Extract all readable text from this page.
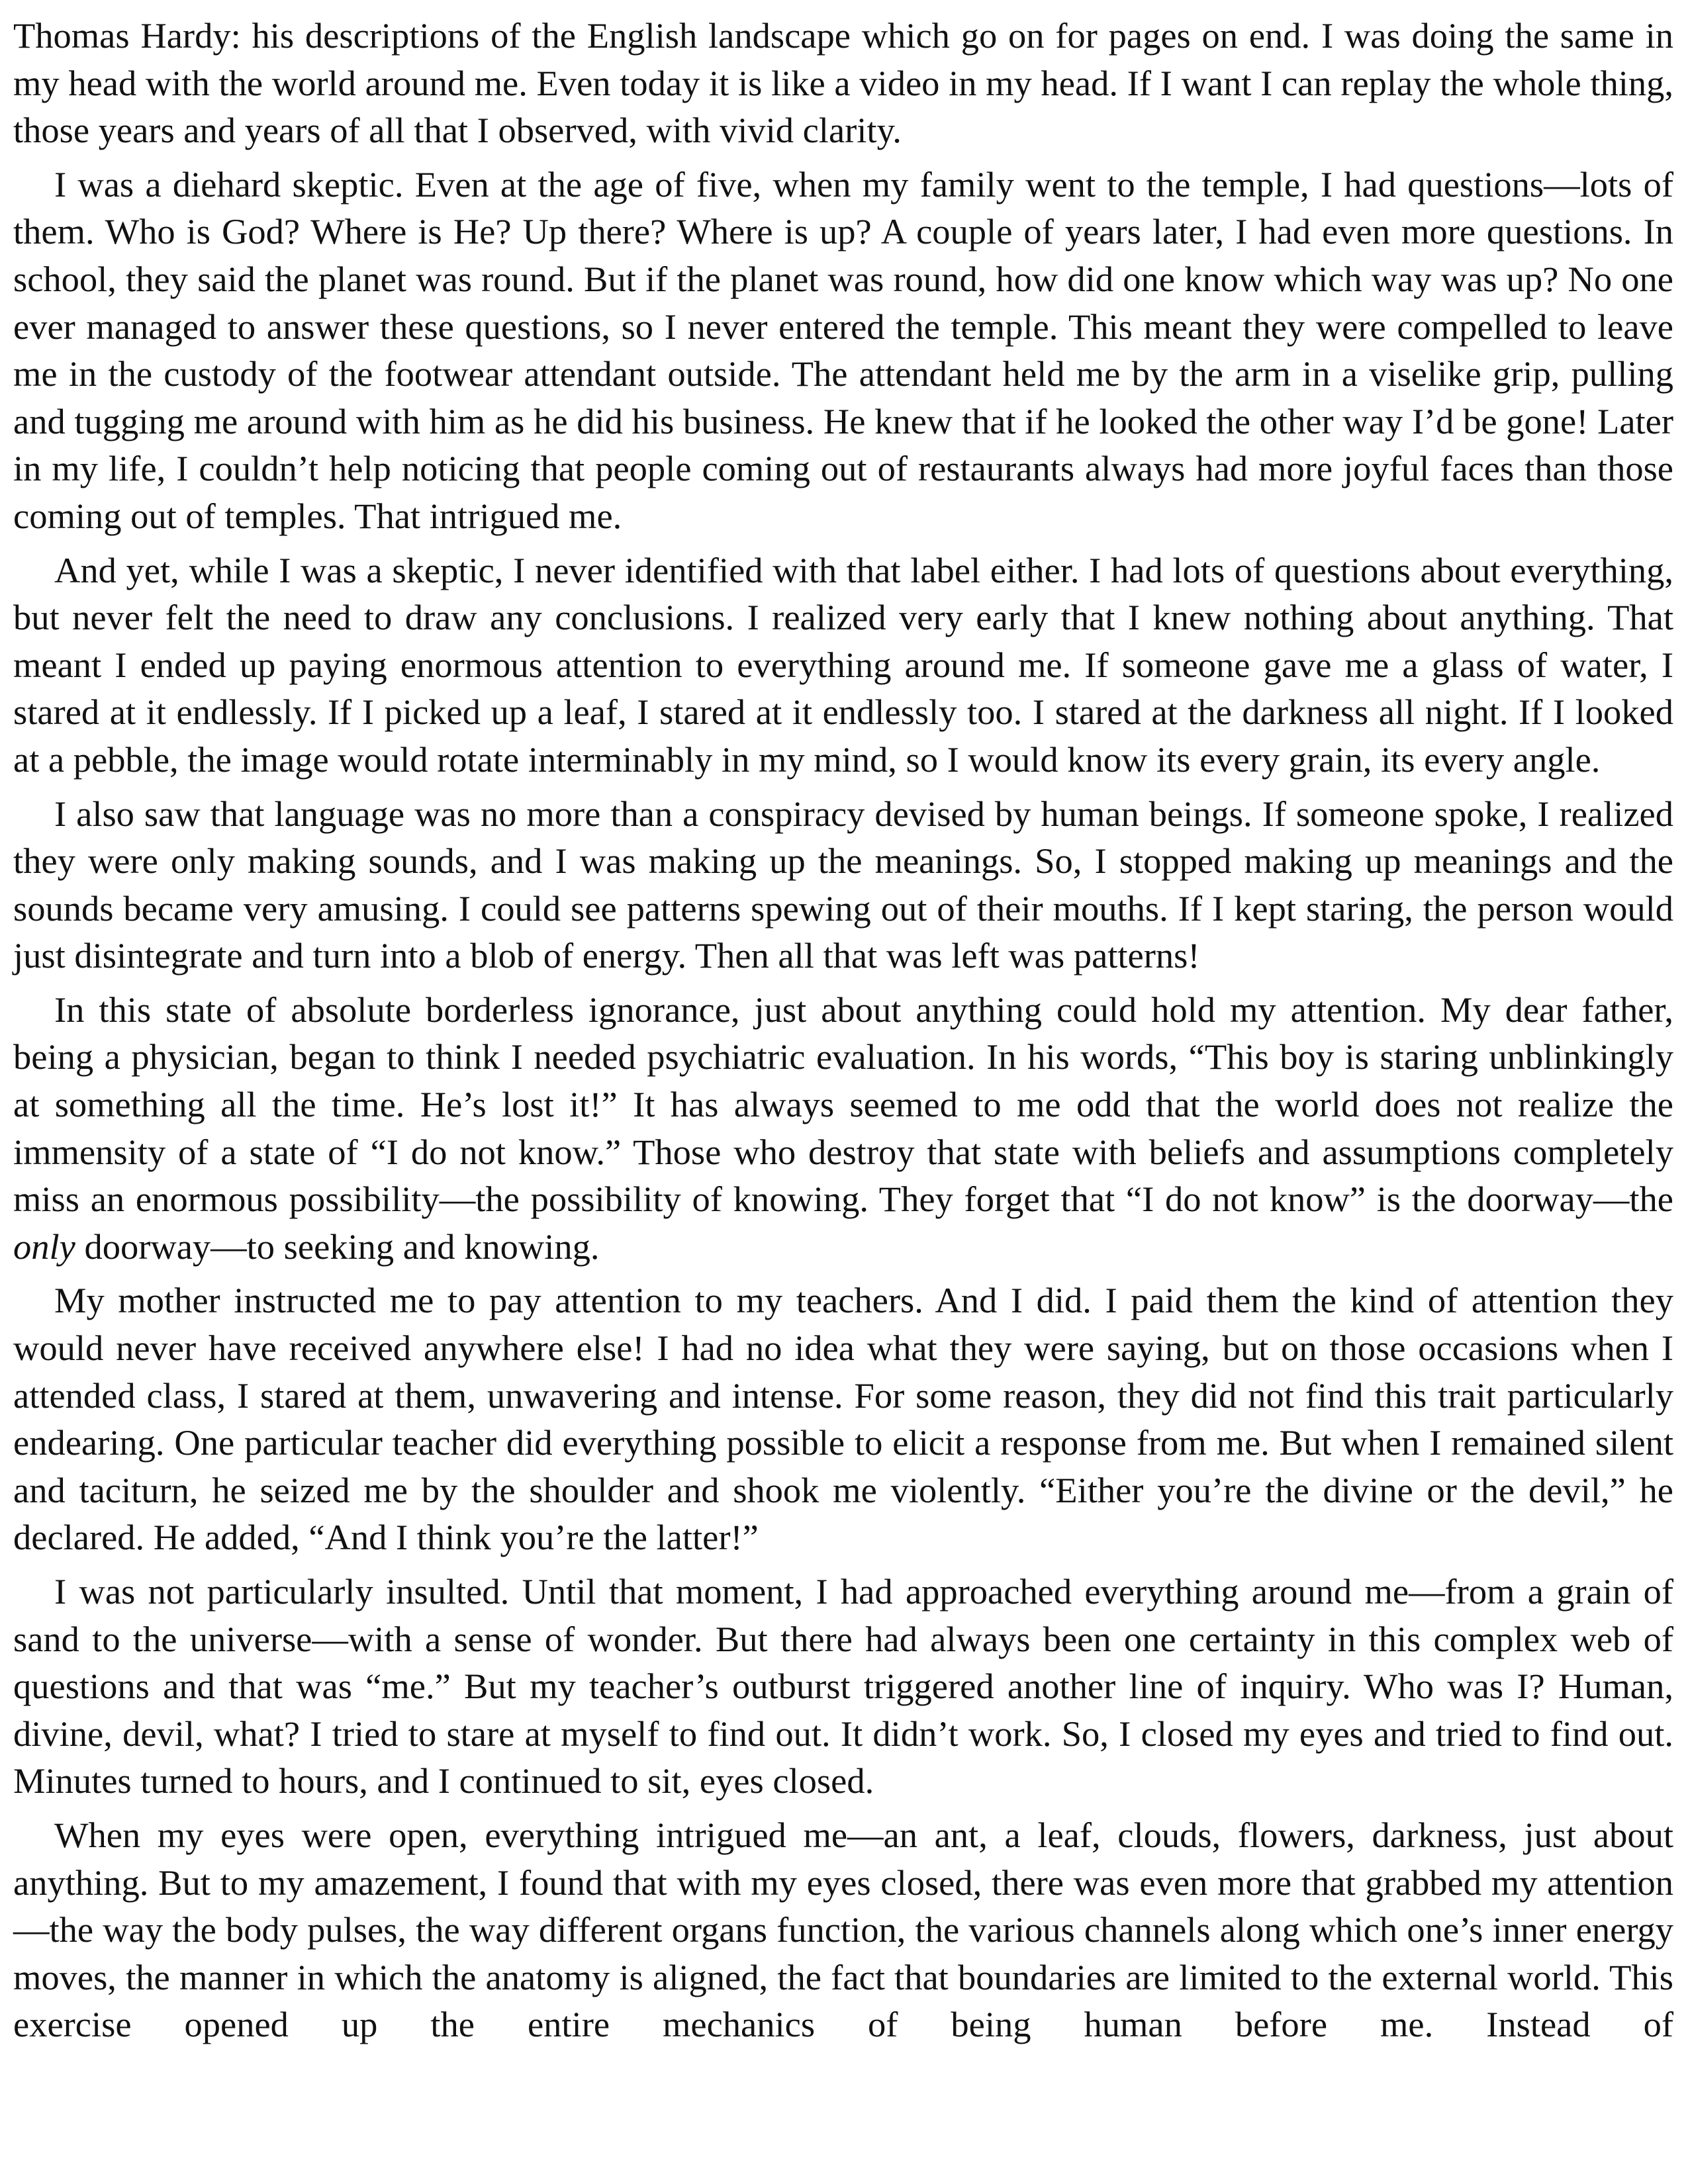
Thomas Hardy: his descriptions of the English landscape which go on for pages on end. I was doing the same in my head with the world around me. Even today it is like a video in my head. If I want I can replay the whole thing, those years and years of all that I observed, with vivid clarity.

I was a diehard skeptic. Even at the age of five, when my family went to the temple, I had questions—lots of them. Who is God? Where is He? Up there? Where is up? A couple of years later, I had even more questions. In school, they said the planet was round. But if the planet was round, how did one know which way was up? No one ever managed to answer these questions, so I never entered the temple. This meant they were compelled to leave me in the custody of the footwear attendant outside. The attendant held me by the arm in a viselike grip, pulling and tugging me around with him as he did his business. He knew that if he looked the other way I’d be gone! Later in my life, I couldn’t help noticing that people coming out of restaurants always had more joyful faces than those coming out of temples. That intrigued me.

And yet, while I was a skeptic, I never identified with that label either. I had lots of questions about everything, but never felt the need to draw any conclusions. I realized very early that I knew nothing about anything. That meant I ended up paying enormous attention to everything around me. If someone gave me a glass of water, I stared at it endlessly. If I picked up a leaf, I stared at it endlessly too. I stared at the darkness all night. If I looked at a pebble, the image would rotate interminably in my mind, so I would know its every grain, its every angle.

I also saw that language was no more than a conspiracy devised by human beings. If someone spoke, I realized they were only making sounds, and I was making up the meanings. So, I stopped making up meanings and the sounds became very amusing. I could see patterns spewing out of their mouths. If I kept staring, the person would just disintegrate and turn into a blob of energy. Then all that was left was patterns!

In this state of absolute borderless ignorance, just about anything could hold my attention. My dear father, being a physician, began to think I needed psychiatric evaluation. In his words, “This boy is staring unblinkingly at something all the time. He’s lost it!” It has always seemed to me odd that the world does not realize the immensity of a state of “I do not know.” Those who destroy that state with beliefs and assumptions completely miss an enormous possibility—the possibility of knowing. They forget that “I do not know” is the doorway—the only doorway—to seeking and knowing.

My mother instructed me to pay attention to my teachers. And I did. I paid them the kind of attention they would never have received anywhere else! I had no idea what they were saying, but on those occasions when I attended class, I stared at them, unwavering and intense. For some reason, they did not find this trait particularly endearing. One particular teacher did everything possible to elicit a response from me. But when I remained silent and taciturn, he seized me by the shoulder and shook me violently. “Either you’re the divine or the devil,” he declared. He added, “And I think you’re the latter!”

I was not particularly insulted. Until that moment, I had approached everything around me—from a grain of sand to the universe—with a sense of wonder. But there had always been one certainty in this complex web of questions and that was “me.” But my teacher’s outburst triggered another line of inquiry. Who was I? Human, divine, devil, what? I tried to stare at myself to find out. It didn’t work. So, I closed my eyes and tried to find out. Minutes turned to hours, and I continued to sit, eyes closed.

When my eyes were open, everything intrigued me—an ant, a leaf, clouds, flowers, darkness, just about anything. But to my amazement, I found that with my eyes closed, there was even more that grabbed my attention—the way the body pulses, the way different organs function, the various channels along which one’s inner energy moves, the manner in which the anatomy is aligned, the fact that boundaries are limited to the external world. This exercise opened up the entire mechanics of being human before me. Instead of
